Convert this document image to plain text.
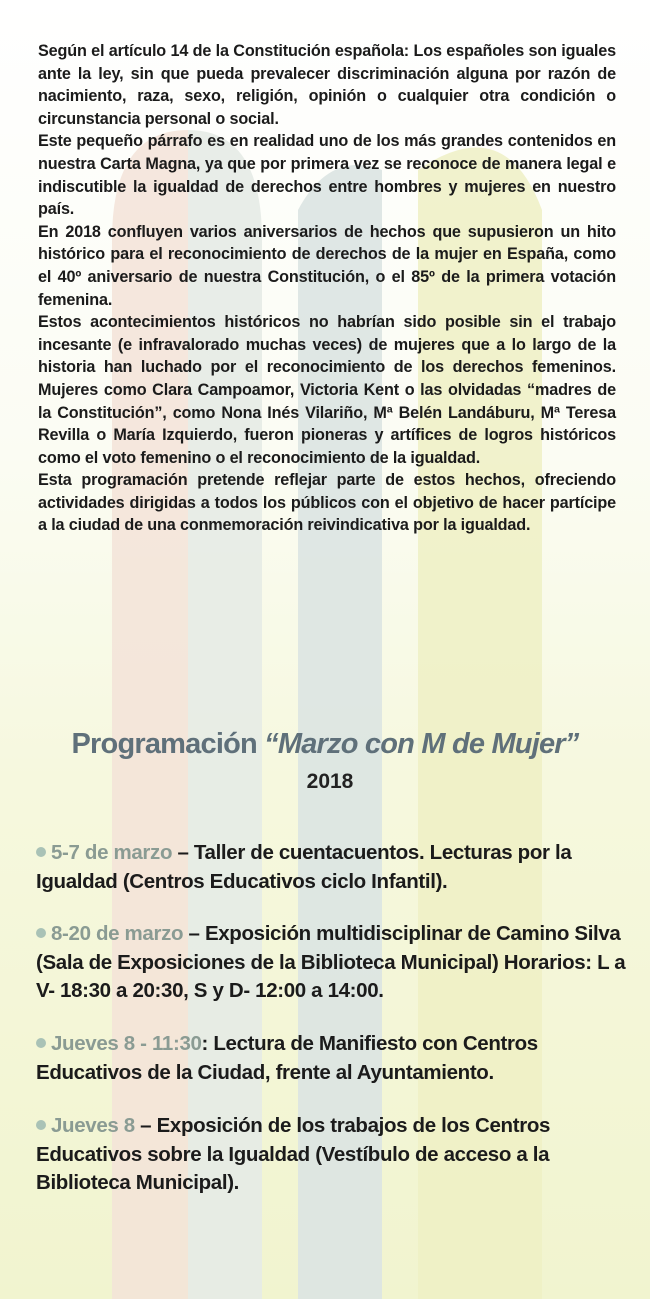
Según el artículo 14 de la Constitución española: Los españoles son iguales ante la ley, sin que pueda prevalecer discriminación alguna por razón de nacimiento, raza, sexo, religión, opinión o cualquier otra condición o circunstancia personal o social.

Este pequeño párrafo es en realidad uno de los más grandes contenidos en nuestra Carta Magna, ya que por primera vez se reconoce de manera legal e indiscutible la igualdad de derechos entre hombres y mujeres en nuestro país.

En 2018 confluyen varios aniversarios de hechos que supusieron un hito histórico para el reconocimiento de derechos de la mujer en España, como el 40º aniversario de nuestra Constitución, o el 85º de la primera votación femenina.

Estos acontecimientos históricos no habrían sido posible sin el trabajo incesante (e infravalorado muchas veces) de mujeres que a lo largo de la historia han luchado por el reconocimiento de los derechos femeninos. Mujeres como Clara Campoamor, Victoria Kent o las olvidadas “madres de la Constitución”, como Nona Inés Vilariño, Mª Belén Landáburu, Mª Teresa Revilla o María Izquierdo, fueron pioneras y artífices de logros históricos como el voto femenino o el reconocimiento de la igualdad.

Esta programación pretende reflejar parte de estos hechos, ofreciendo actividades dirigidas a todos los públicos con el objetivo de hacer partícipe a la ciudad de una conmemoración reivindicativa por la igualdad.

Programación “Marzo con M de Mujer”
2018
5-7 de marzo – Taller de cuentacuentos. Lecturas por la Igualdad (Centros Educativos ciclo Infantil).
8-20 de marzo – Exposición multidisciplinar de Camino Silva (Sala de Exposiciones de la Biblioteca Municipal) Horarios: L a V- 18:30 a 20:30, S y D- 12:00 a 14:00.
Jueves 8 - 11:30: Lectura de Manifiesto con Centros Educativos de la Ciudad, frente al Ayuntamiento.
Jueves 8 – Exposición de los trabajos de los Centros Educativos sobre la Igualdad (Vestíbulo de acceso a la Biblioteca Municipal).
